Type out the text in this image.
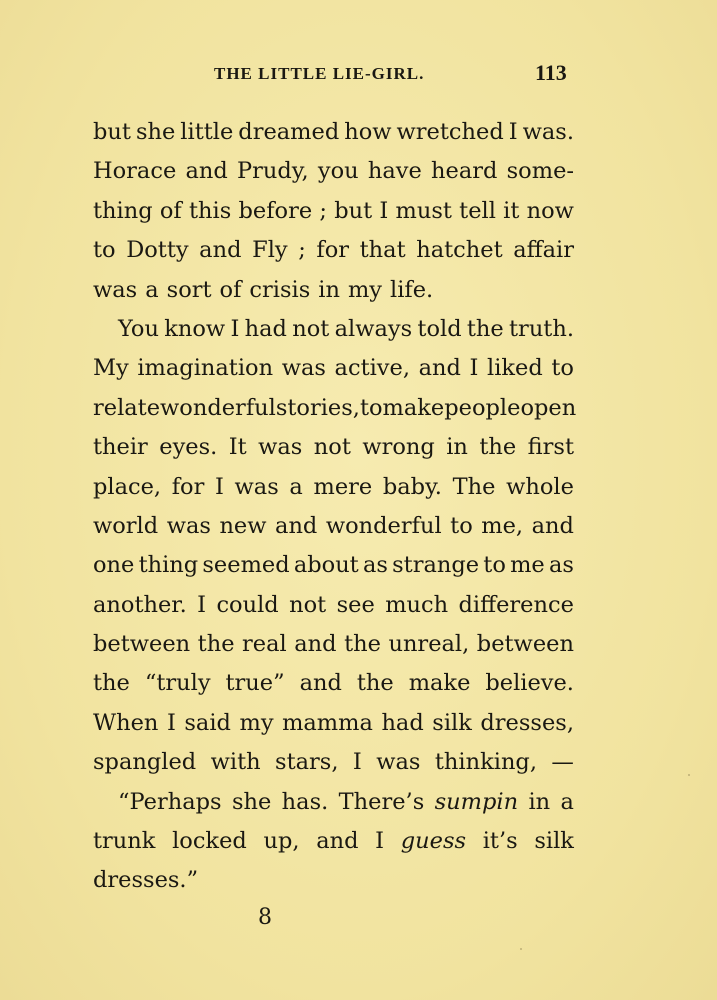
THE LITTLE LIE-GIRL.	113
but she little dreamed how wretched I was.
Horace and Prudy, you have heard some-
thing of this before ; but I must tell it now
to Dotty and Fly ; for that hatchet affair
was a sort of crisis in my life.
You know I had not always told the truth.
My imagination was active, and I liked to
relate wonderful stories, to make people open
their eyes. It was not wrong in the first
place, for I was a mere baby. The whole
world was new and wonderful to me, and
one thing seemed about as strange to me as
another. I could not see much difference
between the real and the unreal, between
the “truly true” and the make believe.
When I said my mamma had silk dresses,
spangled with stars, I was thinking, —
“Perhaps she has. There’s sumpin in a
trunk locked up, and I guess it’s silk
dresses.”
8
